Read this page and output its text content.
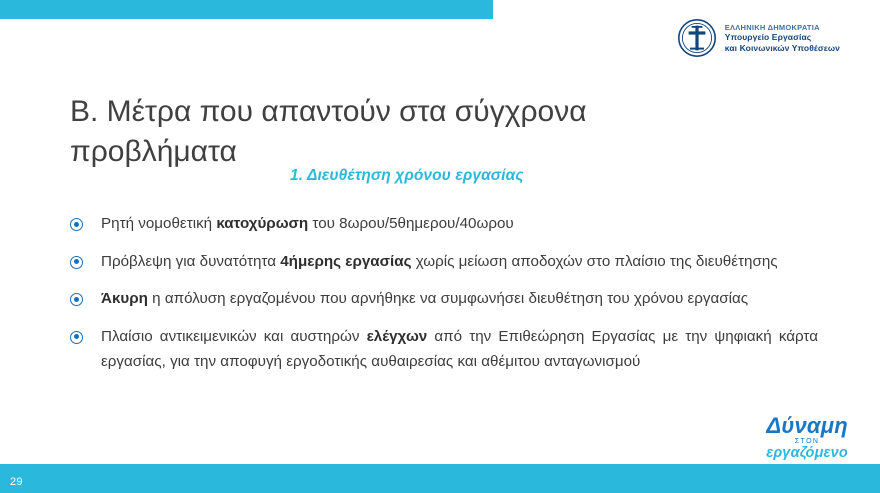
ΕΛΛΗΝΙΚΗ ΔΗΜΟΚΡΑΤΙΑ
Υπουργείο Εργασίας
και Κοινωνικών Υποθέσεων
Β. Μέτρα που απαντούν στα σύγχρονα προβλήματα
1. Διευθέτηση χρόνου εργασίας
Ρητή νομοθετική κατοχύρωση του 8ωρου/5θημερου/40ωρου
Πρόβλεψη για δυνατότητα 4ήμερης εργασίας χωρίς μείωση αποδοχών στο πλαίσιο της διευθέτησης
Άκυρη η απόλυση εργαζομένου που αρνήθηκε να συμφωνήσει διευθέτηση του χρόνου εργασίας
Πλαίσιο αντικειμενικών και αυστηρών ελέγχων από την Επιθεώρηση Εργασίας με την ψηφιακή κάρτα εργασίας, για την αποφυγή εργοδοτικής αυθαιρεσίας και αθέμιτου ανταγωνισμού
Δύναμη
ΣΤΟΝ
εργαζόμενο
29
